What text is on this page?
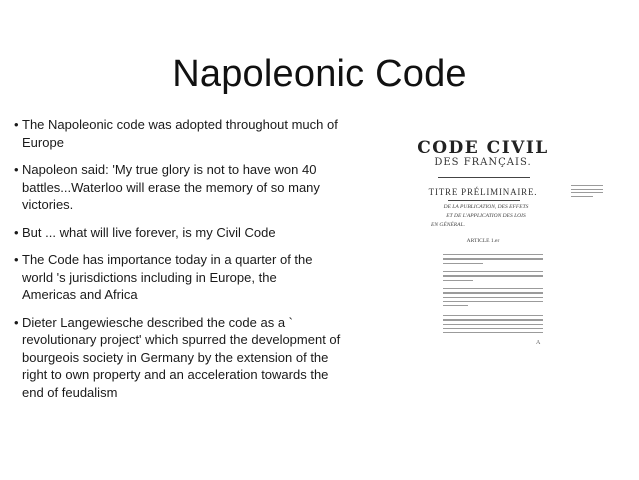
Napoleonic Code
• The Napoleonic code was adopted throughout much of
Europe
• Napoleon said: 'My true glory is not to have won 40
battles...Waterloo will erase the memory of so many
victories.
• But ... what will live forever, is my Civil Code
• The Code has importance today in a quarter of the
world 's jurisdictions including in Europe, the
Americas and Africa
• Dieter Langewiesche described the code as a `
revolutionary project' which spurred the development of
bourgeois society in Germany by the extension of the
right to own property and an acceleration towards the
end of feudalism
CODE CIVIL
DES FRANÇAIS.
TITRE PRÉLIMINAIRE.
DE LA PUBLICATION, DES EFFETS
ET DE L'APPLICATION DES LOIS
EN GÉNÉRAL.
ARTICLE 1.er
A
